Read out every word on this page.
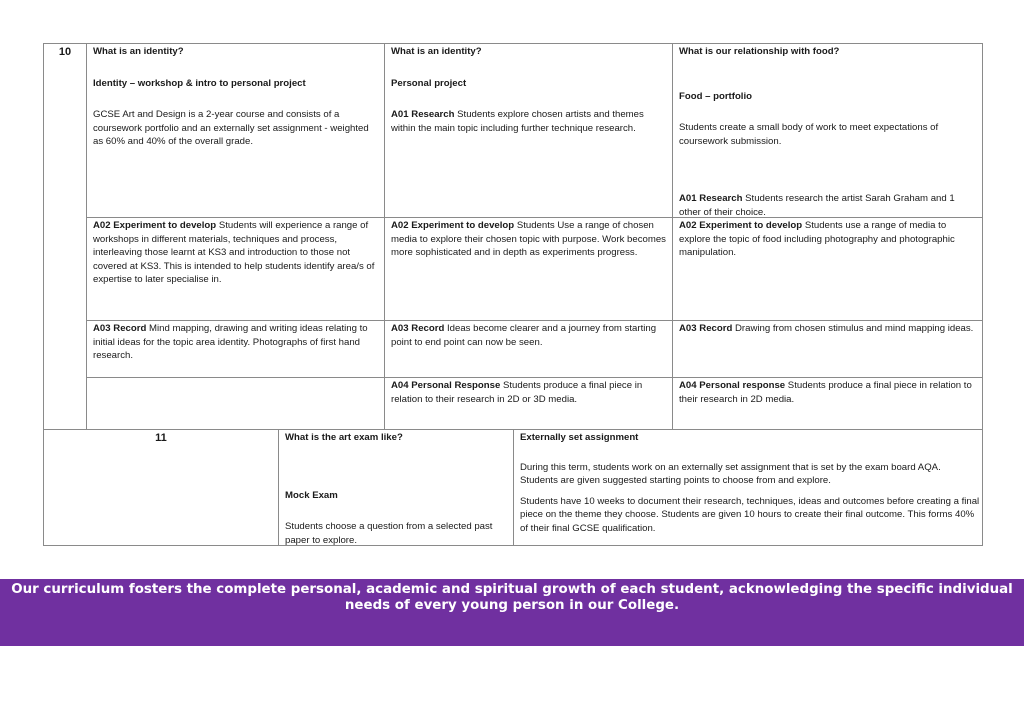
10	What is an identity?

Identity – workshop & intro to personal project

GCSE Art and Design is a 2-year course and consists of a coursework portfolio and an externally set assignment - weighted as 60% and 40% of the overall grade.

A02 Experiment to develop Students will experience a range of workshops in different materials, techniques and process, interleaving those learnt at KS3 and introduction to those not covered at KS3. This is intended to help students identify area/s of expertise to later specialise in.
A03 Record Mind mapping, drawing and writing ideas relating to initial ideas for the topic area identity. Photographs of first hand research.

What is an identity?

Personal project

A01 Research Students explore chosen artists and themes within the main topic including further technique research.

A02 Experiment to develop Students Use a range of chosen media to explore their chosen topic with purpose. Work becomes more sophisticated and in depth as experiments progress.
A03 Record Ideas become clearer and a journey from starting point to end point can now be seen.
A04 Personal Response Students produce a final piece in relation to their research in 2D or 3D media.

What is our relationship with food?

Food – portfolio

Students create a small body of work to meet expectations of coursework submission.

A01 Research Students research the artist Sarah Graham and 1 other of their choice.

A02 Experiment to develop Students use a range of media to explore the topic of food including photography and photographic manipulation.
A03 Record Drawing from chosen stimulus and mind mapping ideas.
A04 Personal response Students produce a final piece in relation to their research in 2D media.
11	What is the art exam like?

Mock Exam

Students choose a question from a selected past paper to explore.

Externally set assignment

During this term, students work on an externally set assignment that is set by the exam board AQA. Students are given suggested starting points to choose from and explore.

Students have 10 weeks to document their research, techniques, ideas and outcomes before creating a final piece on the theme they choose. Students are given 10 hours to create their final outcome. This forms 40% of their final GCSE qualification.

Our curriculum fosters the complete personal, academic and spiritual growth of each student, acknowledging the specific individual needs of every young person in our College.
